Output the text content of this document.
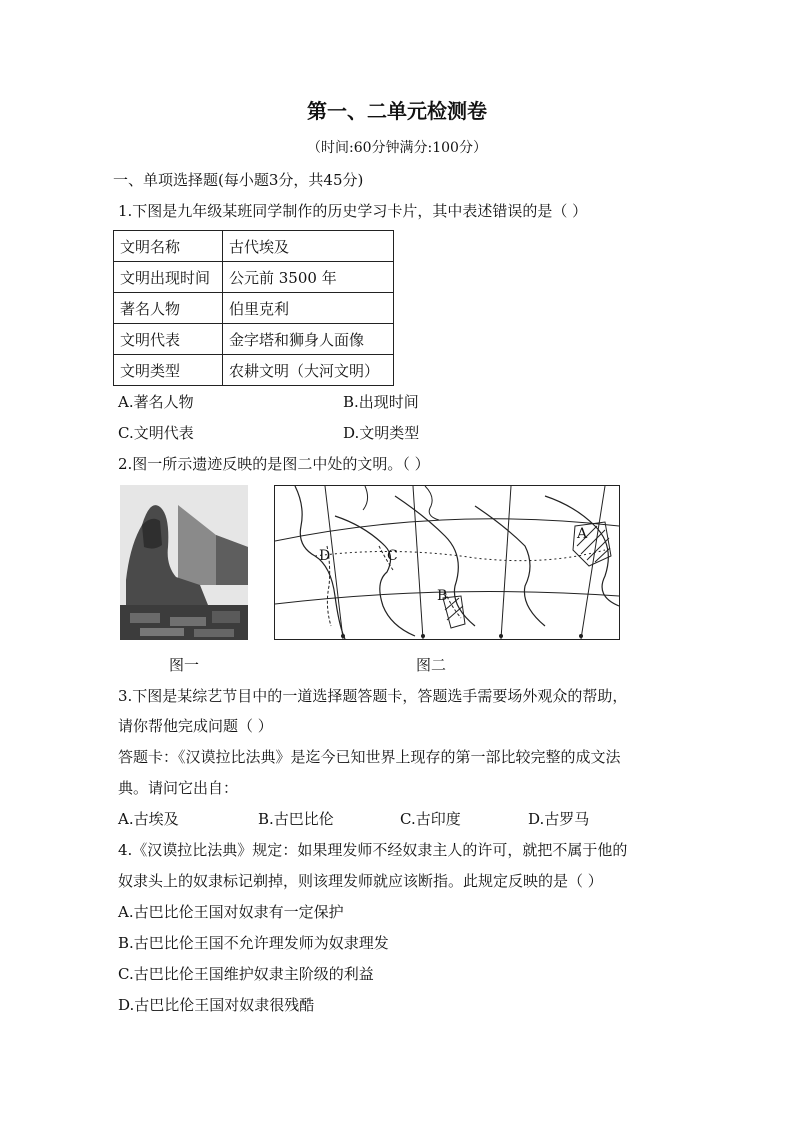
第一、二单元检测卷
（时间:60分钟满分:100分）
一、单项选择题(每小题3分，共45分)
1.下图是九年级某班同学制作的历史学习卡片，其中表述错误的是（ ）
文明名称	古代埃及
文明出现时间	公元前 3500 年
著名人物	伯里克利
文明代表	金字塔和狮身人面像
文明类型	农耕文明（大河文明）
A.著名人物	B.出现时间
C.文明代表	D.文明类型
2.图一所示遗迹反映的是图二中处的文明。（ ）
A
B
C
D
图一	图二
3.下图是某综艺节目中的一道选择题答题卡，答题选手需要场外观众的帮助，
请你帮他完成问题（ ）
答题卡：《汉谟拉比法典》是迄今已知世界上现存的第一部比较完整的成文法
典。请问它出自：
A.古埃及	B.古巴比伦	C.古印度	D.古罗马
4.《汉谟拉比法典》规定：如果理发师不经奴隶主人的许可，就把不属于他的
奴隶头上的奴隶标记剃掉，则该理发师就应该断指。此规定反映的是（ ）
A.古巴比伦王国对奴隶有一定保护
B.古巴比伦王国不允许理发师为奴隶理发
C.古巴比伦王国维护奴隶主阶级的利益
D.古巴比伦王国对奴隶很残酷
